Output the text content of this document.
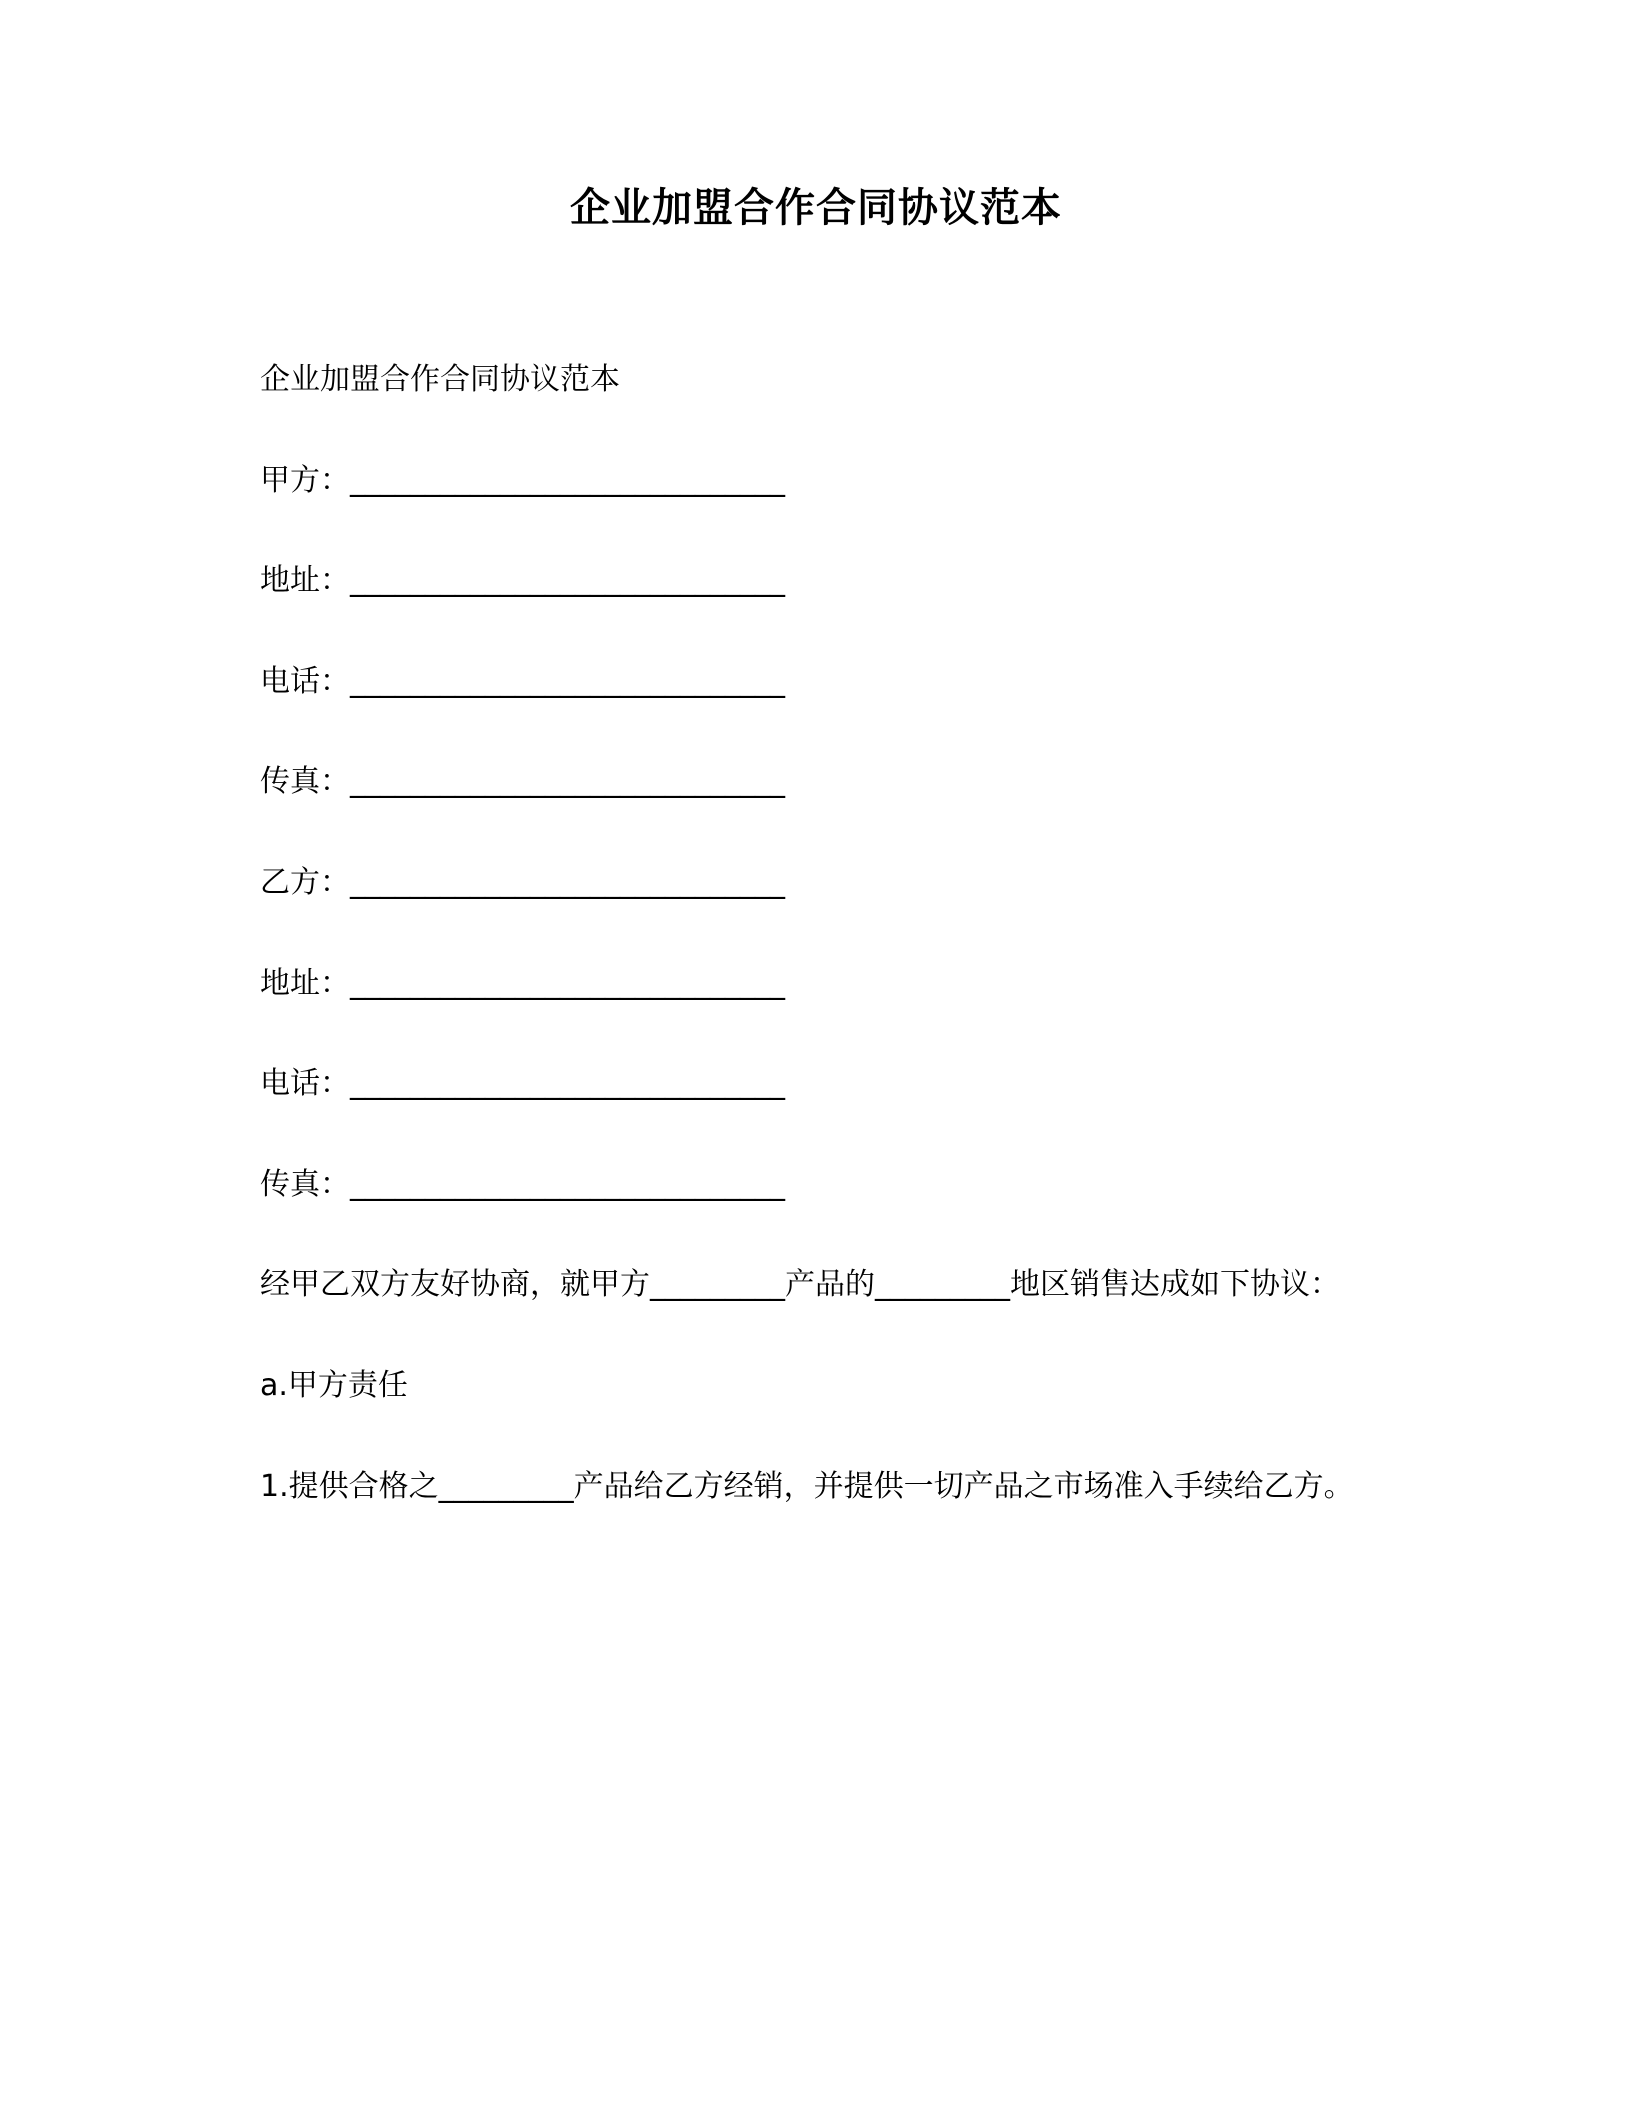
企业加盟合作合同协议范本

企业加盟合作合同协议范本

甲方：_____________________________

地址：_____________________________

电话：_____________________________

传真：_____________________________

乙方：_____________________________

地址：_____________________________

电话：_____________________________

传真：_____________________________

经甲乙双方友好协商，就甲方_________产品的_________地区销售达成如下协议：

a.甲方责任

1.提供合格之_________产品给乙方经销，并提供一切产品之市场准入手续给乙方。
